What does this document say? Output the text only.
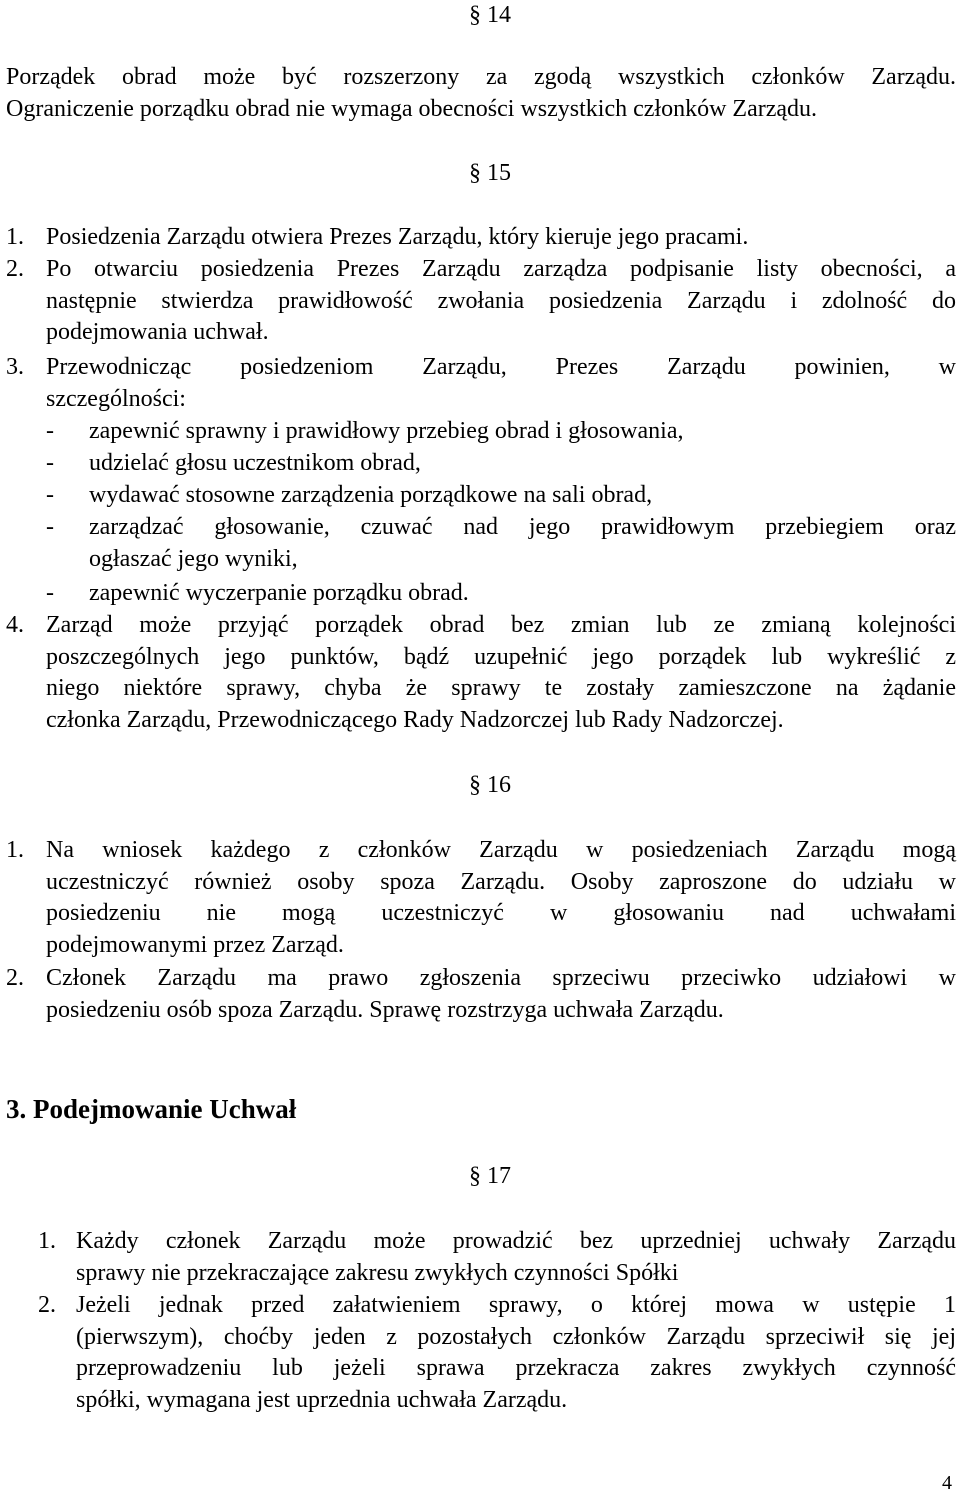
§ 14
Porządek obrad może być rozszerzony za zgodą wszystkich członków Zarządu.
Ograniczenie porządku obrad nie wymaga obecności wszystkich członków Zarządu.
§ 15
1. Posiedzenia Zarządu otwiera Prezes Zarządu, który kieruje jego pracami.
2. Po otwarciu posiedzenia Prezes Zarządu zarządza podpisanie listy obecności, a
następnie stwierdza prawidłowość zwołania posiedzenia Zarządu i zdolność do
podejmowania uchwał.
3. Przewodnicząc posiedzeniom Zarządu, Prezes Zarządu powinien, w
szczególności:
-	zapewnić sprawny i prawidłowy przebieg obrad i głosowania,
-	udzielać głosu uczestnikom obrad,
-	wydawać stosowne zarządzenia porządkowe na sali obrad,
-	zarządzać głosowanie, czuwać nad jego prawidłowym przebiegiem oraz
ogłaszać jego wyniki,
-	zapewnić wyczerpanie porządku obrad.
4. Zarząd może przyjąć porządek obrad bez zmian lub ze zmianą kolejności
poszczególnych jego punktów, bądź uzupełnić jego porządek lub wykreślić z
niego niektóre sprawy, chyba że sprawy te zostały zamieszczone na żądanie
członka Zarządu, Przewodniczącego Rady Nadzorczej lub Rady Nadzorczej.
§ 16
1. Na wniosek każdego z członków Zarządu w posiedzeniach Zarządu mogą
uczestniczyć również osoby spoza Zarządu. Osoby zaproszone do udziału w
posiedzeniu nie mogą uczestniczyć w głosowaniu nad uchwałami
podejmowanymi przez Zarząd.
2. Członek Zarządu ma prawo zgłoszenia sprzeciwu przeciwko udziałowi w
posiedzeniu osób spoza Zarządu. Sprawę rozstrzyga uchwała Zarządu.
3. Podejmowanie Uchwał
§ 17
1. Każdy członek Zarządu może prowadzić bez uprzedniej uchwały Zarządu
sprawy nie przekraczające zakresu zwykłych czynności Spółki
2. Jeżeli jednak przed załatwieniem sprawy, o której mowa w ustępie 1
(pierwszym), choćby jeden z pozostałych członków Zarządu sprzeciwił się jej
przeprowadzeniu lub jeżeli sprawa przekracza zakres zwykłych czynność
spółki, wymagana jest uprzednia uchwała Zarządu.
4
